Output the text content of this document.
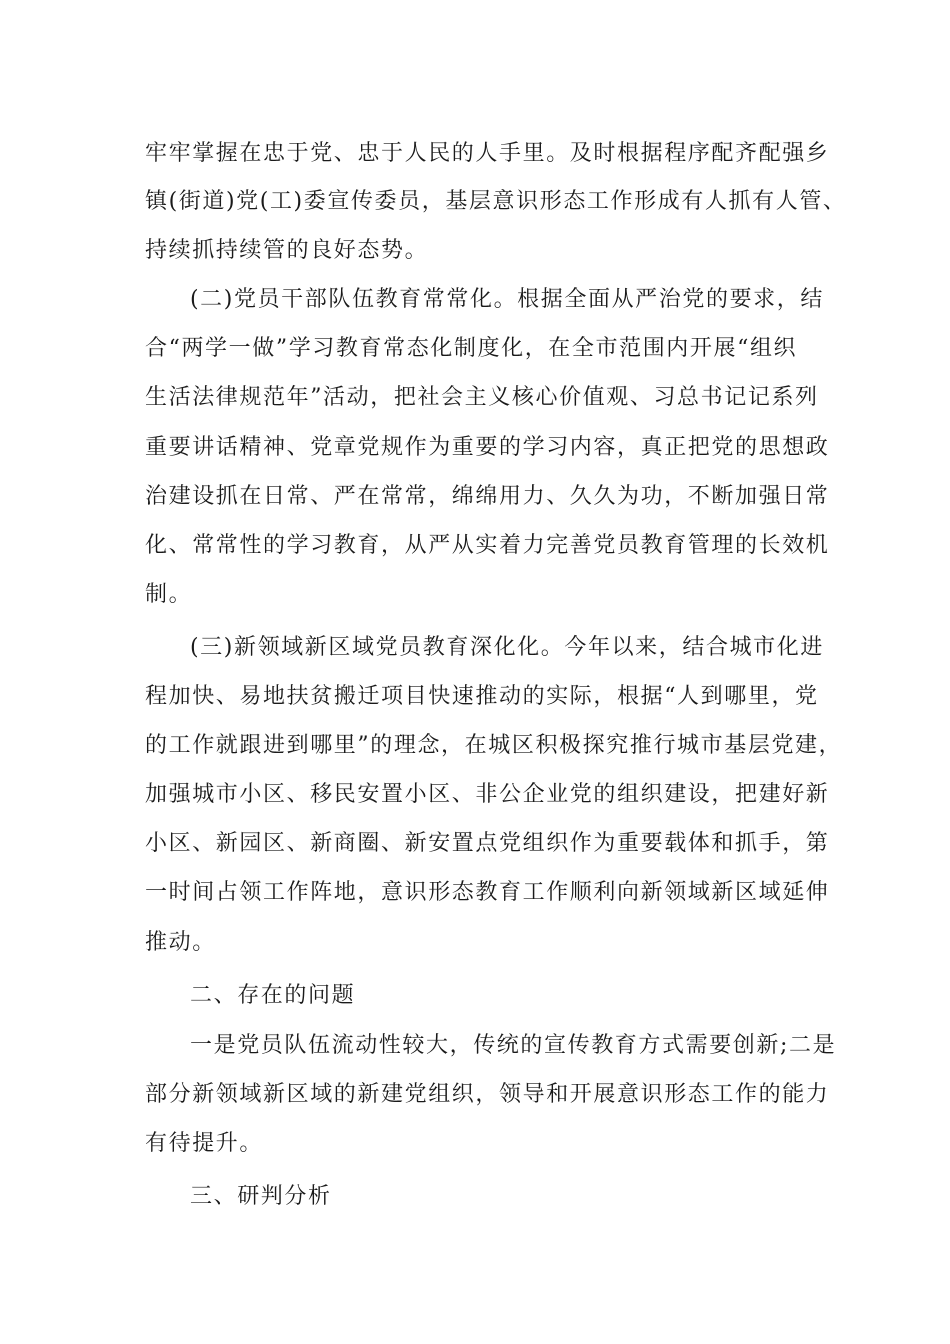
牢牢掌握在忠于党、忠于人民的人手里。及时根据程序配齐配强乡
镇(街道)党(工)委宣传委员，基层意识形态工作形成有人抓有人管、
持续抓持续管的良好态势。
(二)党员干部队伍教育常常化。根据全面从严治党的要求，结
合“两学一做”学习教育常态化制度化，在全市范围内开展“组织
生活法律规范年”活动，把社会主义核心价值观、习总书记记系列
重要讲话精神、党章党规作为重要的学习内容，真正把党的思想政
治建设抓在日常、严在常常，绵绵用力、久久为功，不断加强日常
化、常常性的学习教育，从严从实着力完善党员教育管理的长效机
制。
(三)新领域新区域党员教育深化化。今年以来，结合城市化进
程加快、易地扶贫搬迁项目快速推动的实际，根据“人到哪里，党
的工作就跟进到哪里”的理念，在城区积极探究推行城市基层党建，
加强城市小区、移民安置小区、非公企业党的组织建设，把建好新
小区、新园区、新商圈、新安置点党组织作为重要载体和抓手，第
一时间占领工作阵地，意识形态教育工作顺利向新领域新区域延伸
推动。
二、存在的问题
一是党员队伍流动性较大，传统的宣传教育方式需要创新;二是
部分新领域新区域的新建党组织，领导和开展意识形态工作的能力
有待提升。
三、研判分析
